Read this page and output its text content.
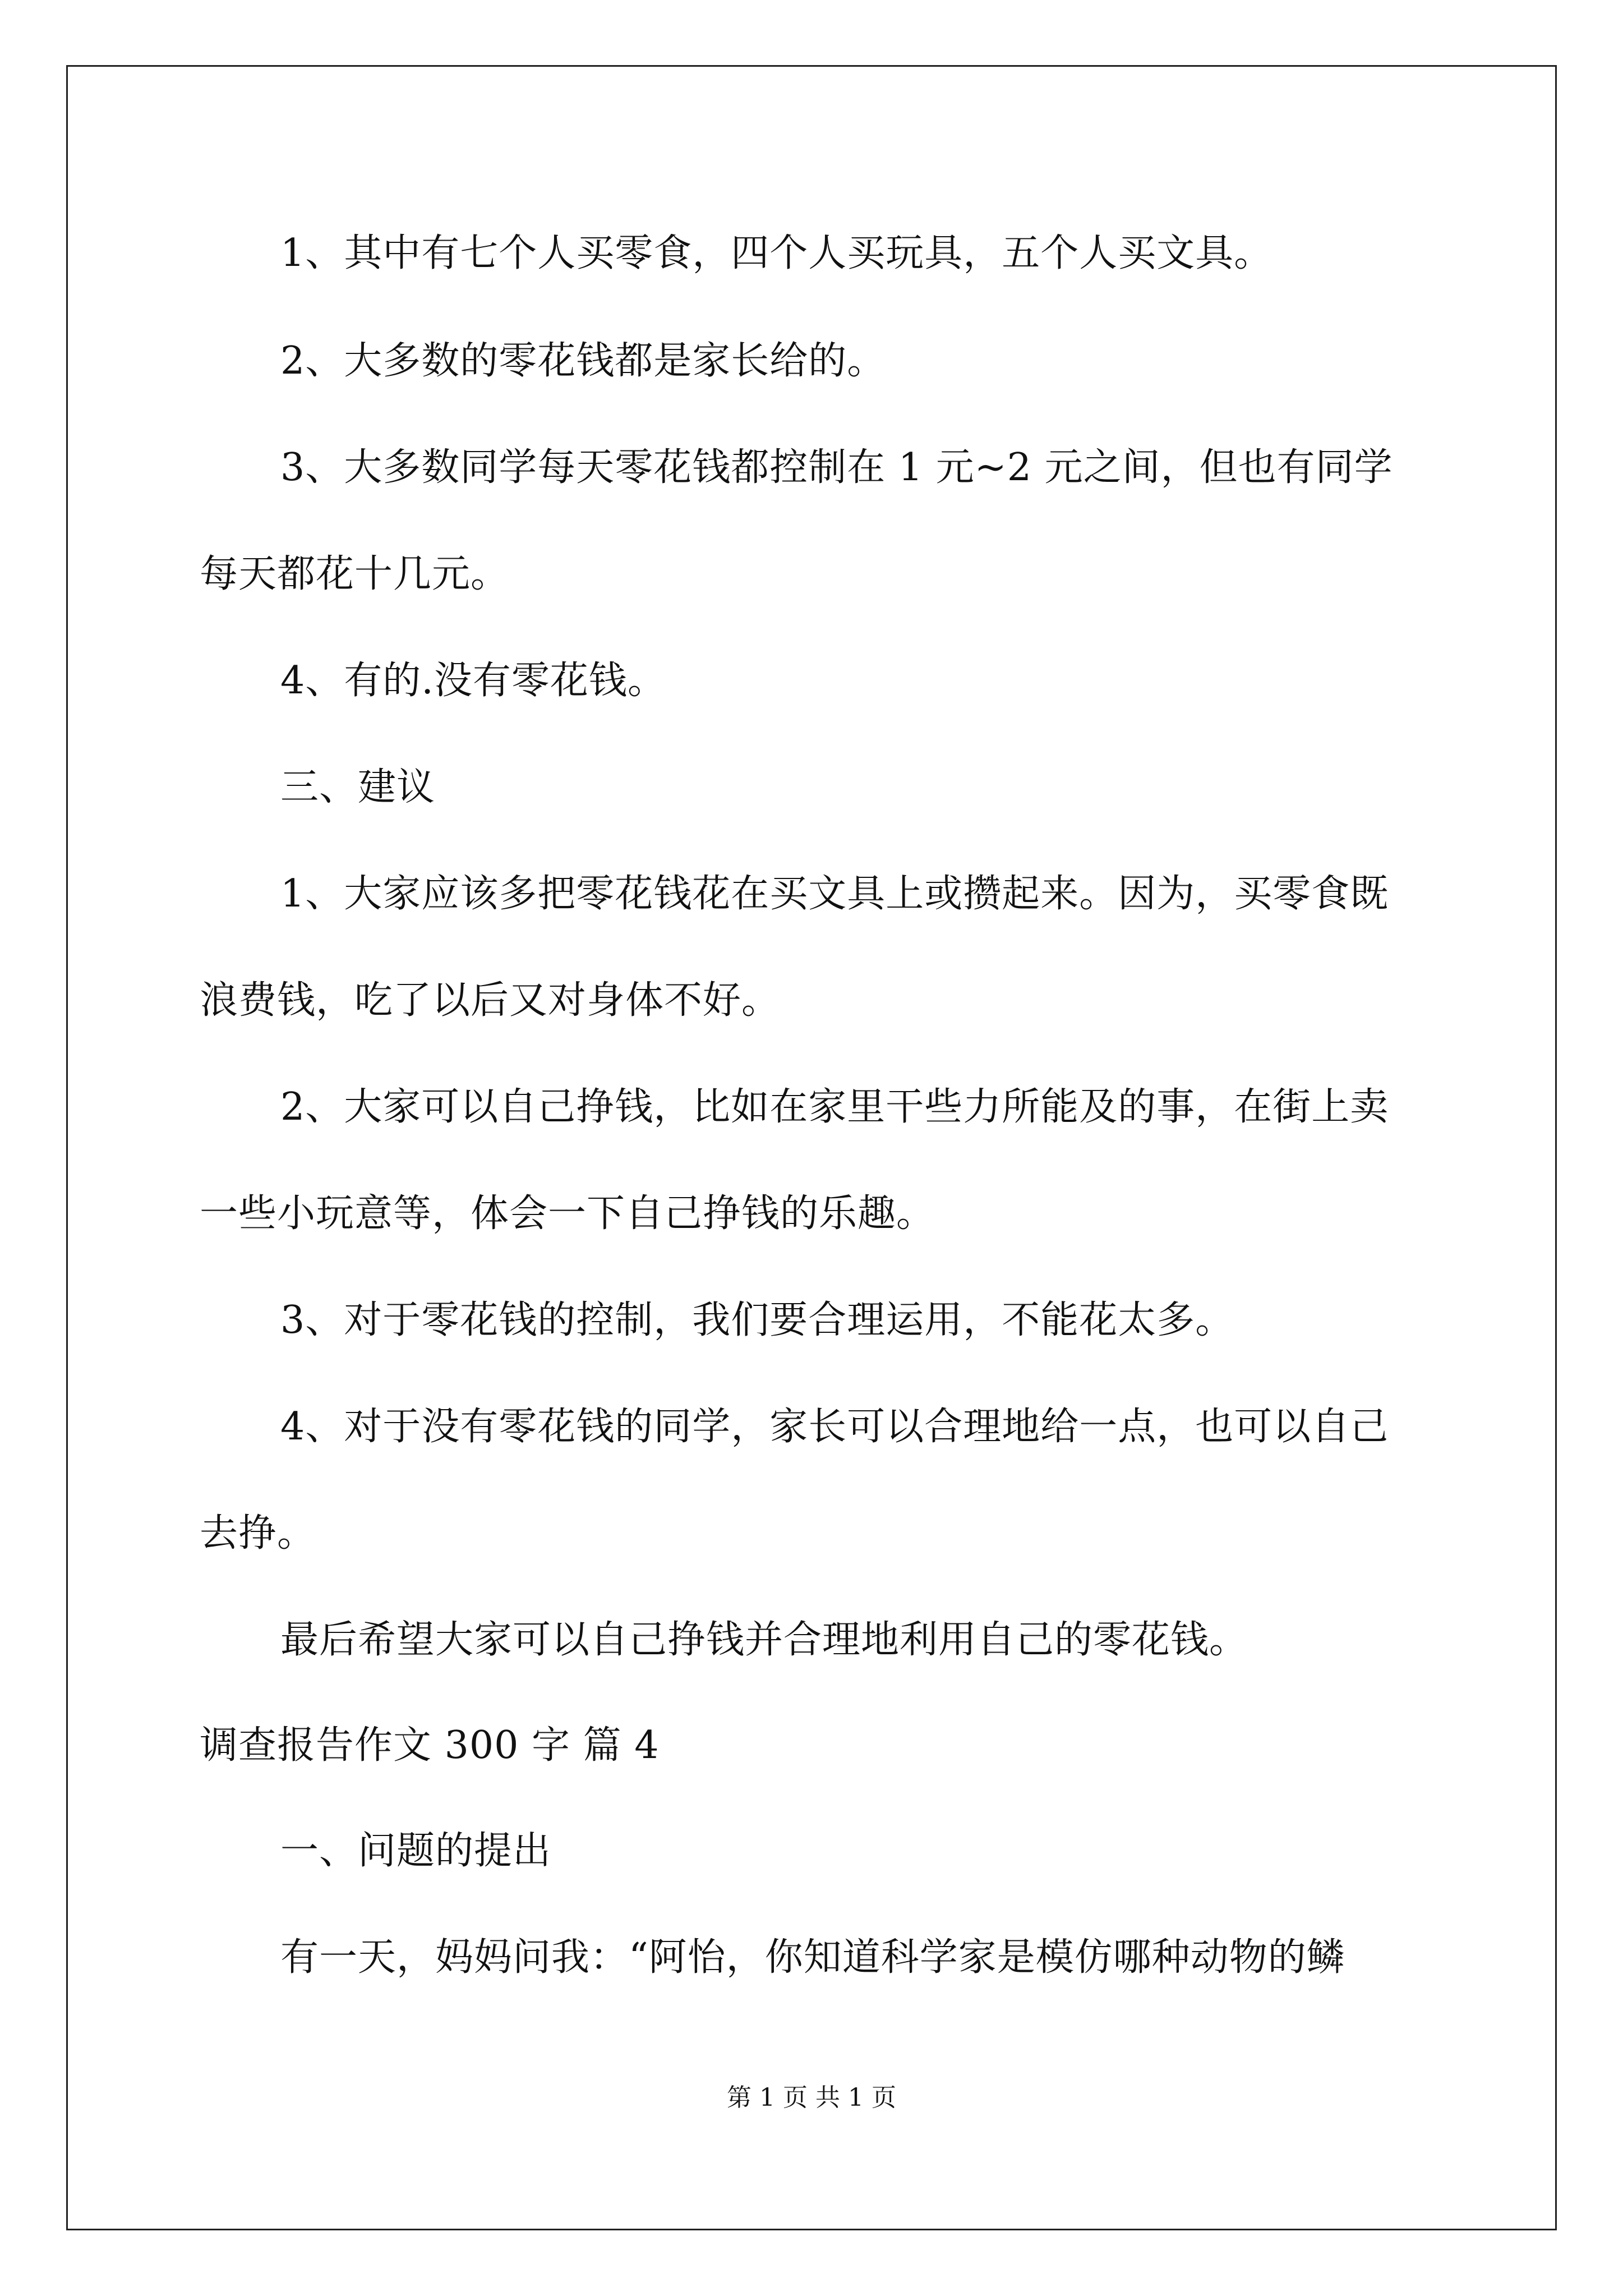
1、其中有七个人买零食，四个人买玩具，五个人买文具。
2、大多数的零花钱都是家长给的。
3、大多数同学每天零花钱都控制在 1 元~2 元之间，但也有同学
每天都花十几元。
4、有的.没有零花钱。
三、建议
1、大家应该多把零花钱花在买文具上或攒起来。因为，买零食既
浪费钱，吃了以后又对身体不好。
2、大家可以自己挣钱，比如在家里干些力所能及的事，在街上卖
一些小玩意等，体会一下自己挣钱的乐趣。
3、对于零花钱的控制，我们要合理运用，不能花太多。
4、对于没有零花钱的同学，家长可以合理地给一点，也可以自己
去挣。
最后希望大家可以自己挣钱并合理地利用自己的零花钱。
调查报告作文 300 字 篇 4
一、问题的提出
有一天，妈妈问我：“阿怡，你知道科学家是模仿哪种动物的鳞
第 1 页 共 1 页
